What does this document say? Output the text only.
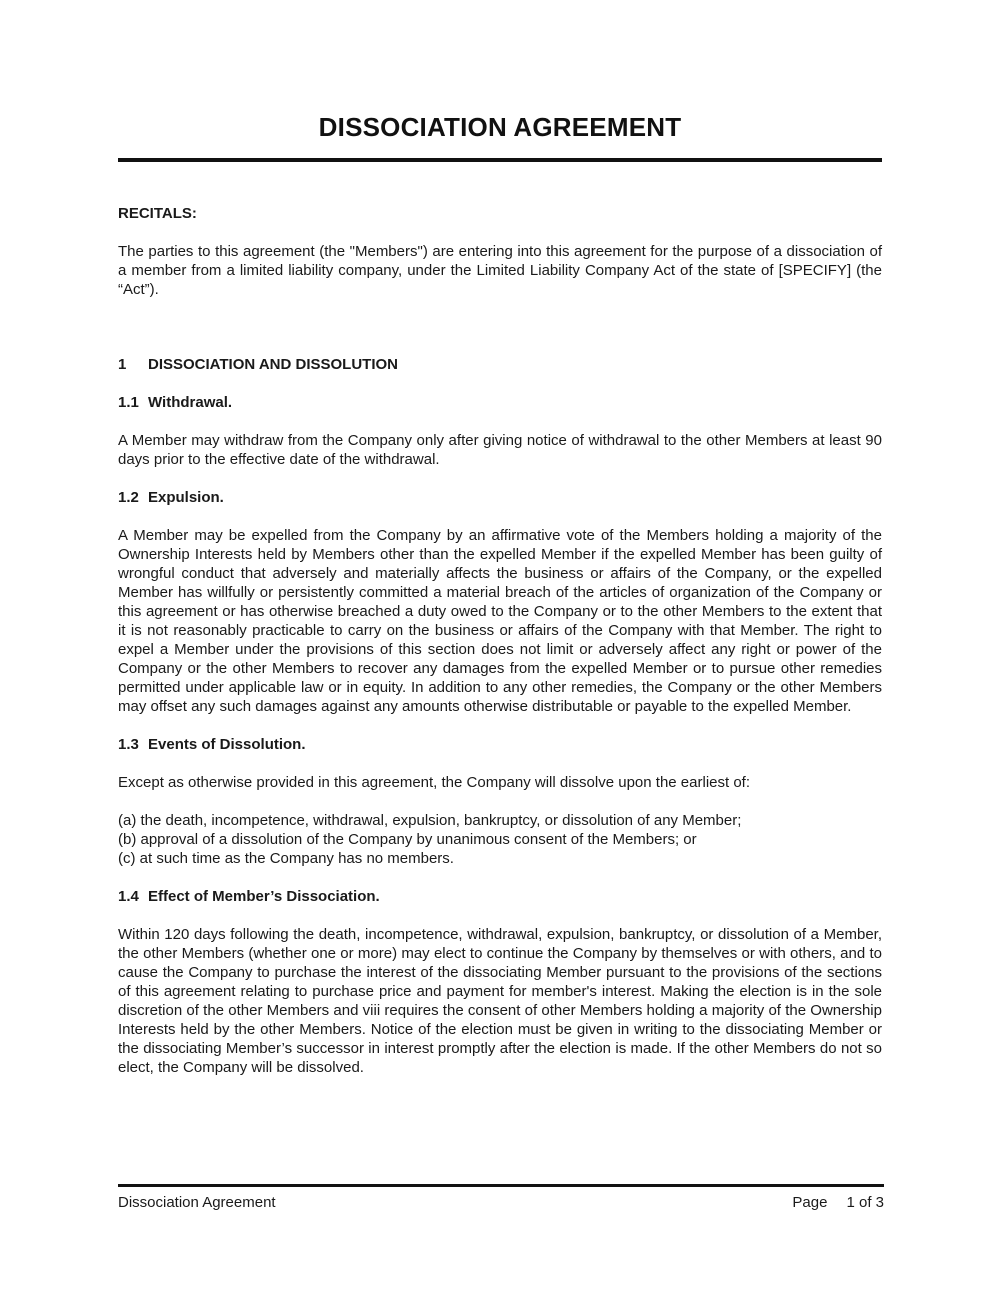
DISSOCIATION AGREEMENT
RECITALS:

The parties to this agreement (the "Members") are entering into this agreement for the purpose of a dissociation of a member from a limited liability company, under the Limited Liability Company Act of the state of [SPECIFY] (the “Act”).

1	DISSOCIATION AND DISSOLUTION
1.1 Withdrawal.

A Member may withdraw from the Company only after giving notice of withdrawal to the other Members at least 90 days prior to the effective date of the withdrawal.

1.2 Expulsion.

A Member may be expelled from the Company by an affirmative vote of the Members holding a majority of the Ownership Interests held by Members other than the expelled Member if the expelled Member has been guilty of wrongful conduct that adversely and materially affects the business or affairs of the Company, or the expelled Member has willfully or persistently committed a material breach of the articles of organization of the Company or this agreement or has otherwise breached a duty owed to the Company or to the other Members to the extent that it is not reasonably practicable to carry on the business or affairs of the Company with that Member. The right to expel a Member under the provisions of this section does not limit or adversely affect any right or power of the Company or the other Members to recover any damages from the expelled Member or to pursue other remedies permitted under applicable law or in equity. In addition to any other remedies, the Company or the other Members may offset any such damages against any amounts otherwise distributable or payable to the expelled Member.

1.3 Events of Dissolution.

Except as otherwise provided in this agreement, the Company will dissolve upon the earliest of:

(a) the death, incompetence, withdrawal, expulsion, bankruptcy, or dissolution of any Member;
(b) approval of a dissolution of the Company by unanimous consent of the Members; or
(c) at such time as the Company has no members.
1.4 Effect of Member’s Dissociation.

Within 120 days following the death, incompetence, withdrawal, expulsion, bankruptcy, or dissolution of a Member, the other Members (whether one or more) may elect to continue the Company by themselves or with others, and to cause the Company to purchase the interest of the dissociating Member pursuant to the provisions of the sections of this agreement relating to purchase price and payment for member's interest. Making the election is in the sole discretion of the other Members and viii requires the consent of other Members holding a majority of the Ownership Interests held by the other Members. Notice of the election must be given in writing to the dissociating Member or the dissociating Member’s successor in interest promptly after the election is made. If the other Members do not so elect, the Company will be dissolved.

Dissociation Agreement	Page 1 of 3
